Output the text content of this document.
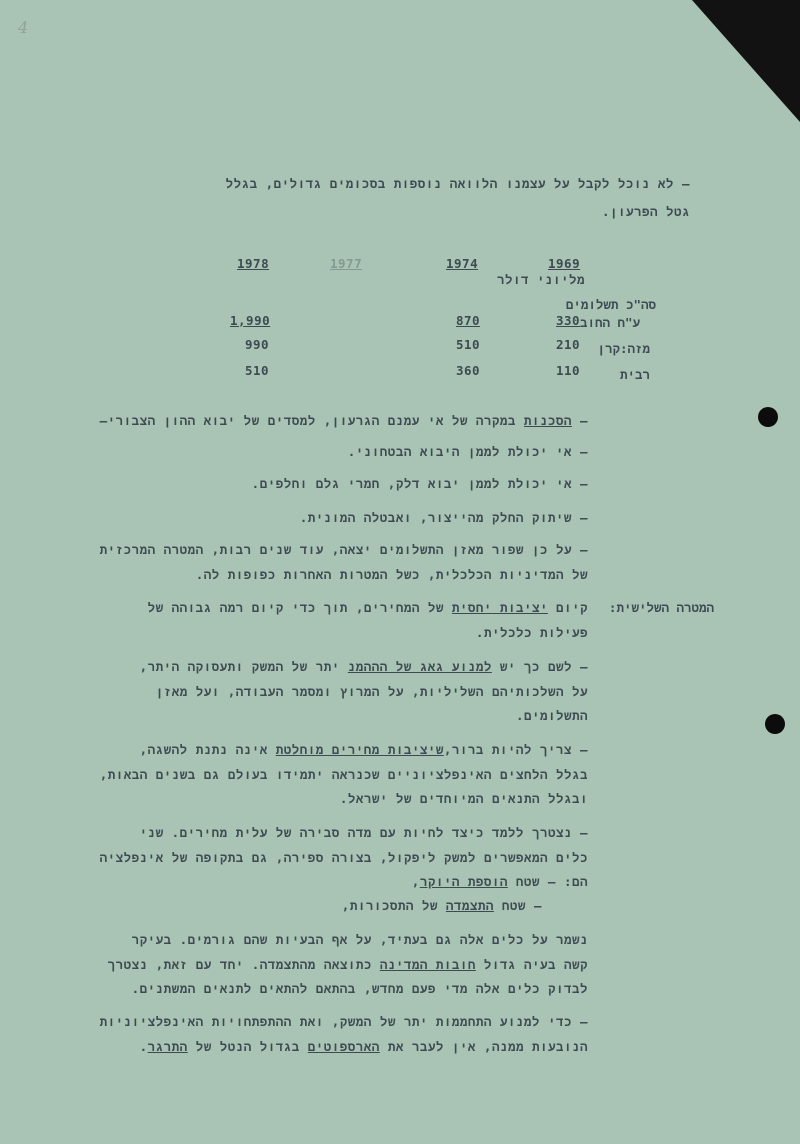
4
– לא נוכל לקבל על עצמנו הלוואה נוספות בסכומים גדולים, בגלל
גטל הפרעון.
1969
1974
1977
1978
מליוני דולר
סה"כ תשלומים
ע"ח החוב
330
870
1,990
מזה:קרן
210
510
990
רבית
110
360
510
– הסכנות במקרה של אי עמנם הגרעון, למסדים של יבוא ההון הצבורי–
– אי יכולת לממן היבוא הבטחוני.
– אי יכולת לממן יבוא דלק, חמרי גלם וחלפים.
– שיתוק החלק מהייצור, ואבטלה המונית.
– על כן שפור מאזן התשלומים יצאה, עוד שנים רבות, המטרה המרכזית
של המדיניות הכלכלית, כשל המטרות האחרות כפופות לה.
המטרה השלישית:
קיום יציבות יחסית של המחירים, תוך כדי קיום רמה גבוהה של
פעילות כלכלית.
– לשם כך יש למנוע גאג של הההמנ יתר של המשק ותעסוקה היתר,
על השלכותיהם השליליות, על המרוץ ומסמר העבודה, ועל מאזן
התשלומים.
– צריך להיות ברור,שיציבות מחירים מוחלטת אינה נתנת להשגה,
בגלל הלחצים האינפלציוניים שכנראה יתמידו בעולם גם בשנים הבאות,
ובגלל התנאים המיוחדים של ישראל.
– נצטרך ללמד כיצד לחיות עם מדה סבירה של עלית מחירים. שני
כלים המאפשרים למשק ליפקול, בצורה ספירה, גם בתקופה של אינפלציה
הם: – שטח הוספת היוקר,
– שטח התצמדה של התסכורות,
נשמר על כלים אלה גם בעתיד, על אף הבעיות שהם גורמים. בעיקר
קשה בעיה גדול חובות המדינה כתוצאה מהתצמדה. יחד עם זאת, נצטרך
לבדוק כלים אלה מדי פעם מחדש, בהתאם להתאים לתנאים המשתנים.
– כדי למנוע התחממות יתר של המשק, ואת ההתפתחויות האינפלציוניות
הנובעות ממנה, אין לעבר את הארספוטים בגדול הנטל של התרגר.
